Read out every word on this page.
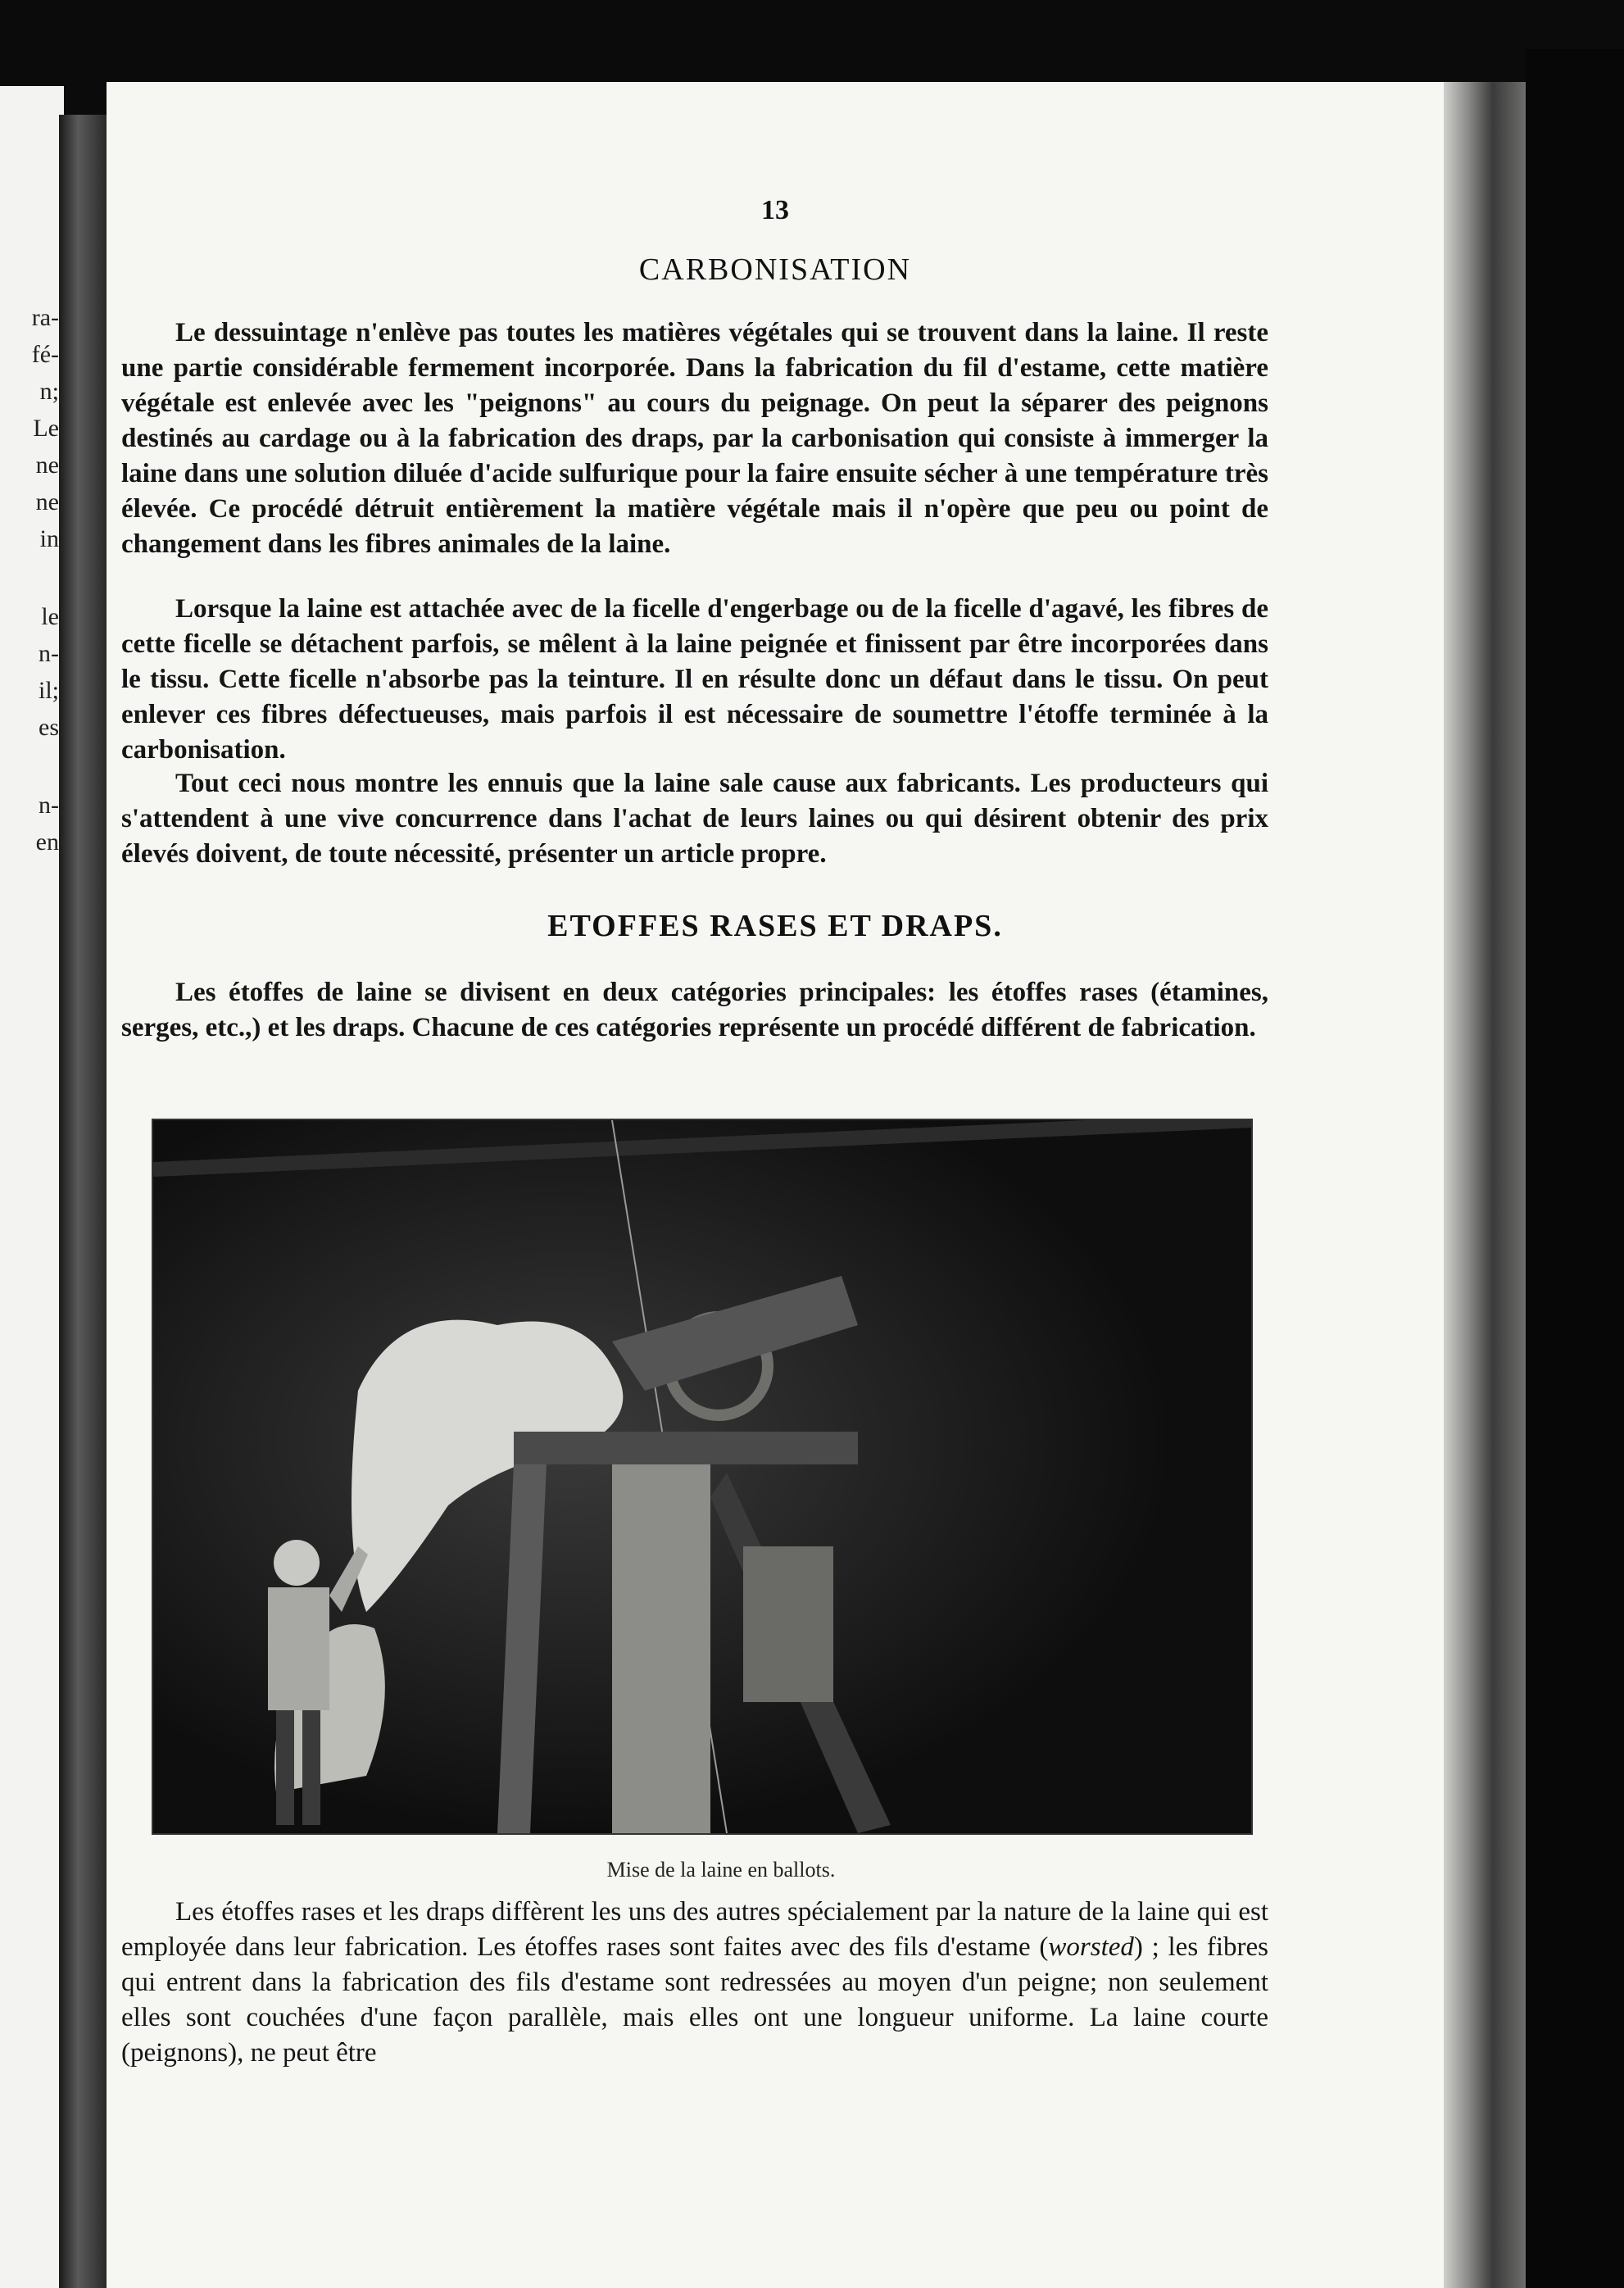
ra-
fé-
n;
Le
ne
ne
in
le
n-
il;
es
n-
en
13
CARBONISATION

Le dessuintage n'enlève pas toutes les matières végétales qui se trouvent dans la laine. Il reste une partie considérable fermement incorporée. Dans la fabrication du fil d'estame, cette matière végétale est enlevée avec les "peignons" au cours du peignage. On peut la séparer des peignons destinés au cardage ou à la fabrication des draps, par la carbonisation qui consiste à immerger la laine dans une solution diluée d'acide sulfurique pour la faire ensuite sécher à une température très élevée. Ce procédé détruit entièrement la matière végétale mais il n'opère que peu ou point de changement dans les fibres animales de la laine.

Lorsque la laine est attachée avec de la ficelle d'engerbage ou de la ficelle d'agavé, les fibres de cette ficelle se détachent parfois, se mêlent à la laine peignée et finissent par être incorporées dans le tissu. Cette ficelle n'absorbe pas la teinture. Il en résulte donc un défaut dans le tissu. On peut enlever ces fibres défectueuses, mais parfois il est nécessaire de soumettre l'étoffe terminée à la carbonisation.

Tout ceci nous montre les ennuis que la laine sale cause aux fabricants. Les producteurs qui s'attendent à une vive concurrence dans l'achat de leurs laines ou qui désirent obtenir des prix élevés doivent, de toute nécessité, présenter un article propre.

ETOFFES RASES ET DRAPS.

Les étoffes de laine se divisent en deux catégories principales: les étoffes rases (étamines, serges, etc.,) et les draps. Chacune de ces catégories représente un procédé différent de fabrication.

Mise de la laine en ballots.

Les étoffes rases et les draps diffèrent les uns des autres spécialement par la nature de la laine qui est employée dans leur fabrication. Les étoffes rases sont faites avec des fils d'estame (worsted) ; les fibres qui entrent dans la fabrication des fils d'estame sont redressées au moyen d'un peigne; non seulement elles sont couchées d'une façon parallèle, mais elles ont une longueur uniforme. La laine courte (peignons), ne peut être
